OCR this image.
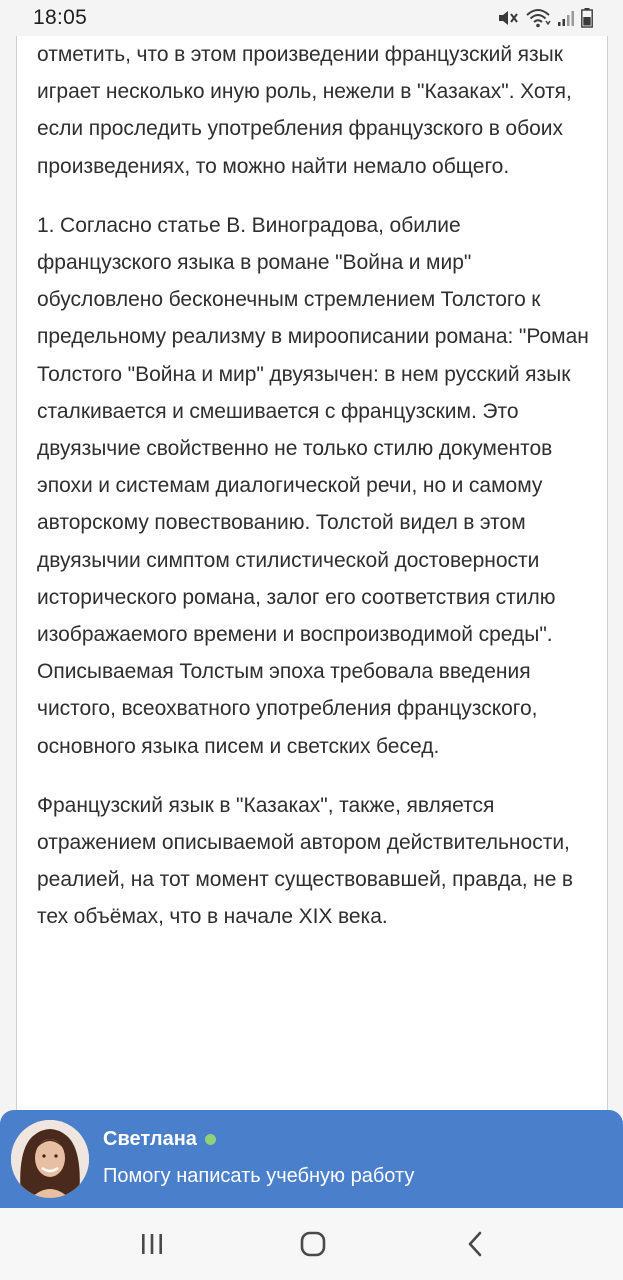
18:05

отметить, что в этом произведении французский язык играет несколько иную роль, нежели в "Казаках". Хотя, если проследить употребления французского в обоих произведениях, то можно найти немало общего.

1. Согласно статье В. Виноградова, обилие французского языка в романе "Война и мир" обусловлено бесконечным стремлением Толстого к предельному реализму в мироописании романа: "Роман Толстого "Война и мир" двуязычен: в нем русский язык сталкивается и смешивается с французским. Это двуязычие свойственно не только стилю документов эпохи и системам диалогической речи, но и самому авторскому повествованию. Толстой видел в этом двуязычии симптом стилистической достоверности исторического романа, залог его соответствия стилю изображаемого времени и воспроизводимой среды". Описываемая Толстым эпоха требовала введения чистого, всеохватного употребления французского, основного языка писем и светских бесед.

Французский язык в "Казаках", также, является отражением описываемой автором действительности, реалией, на тот момент существовавшей, правда, не в тех объёмах, что в начале XIX века.

Светлана
Помогу написать учебную работу
